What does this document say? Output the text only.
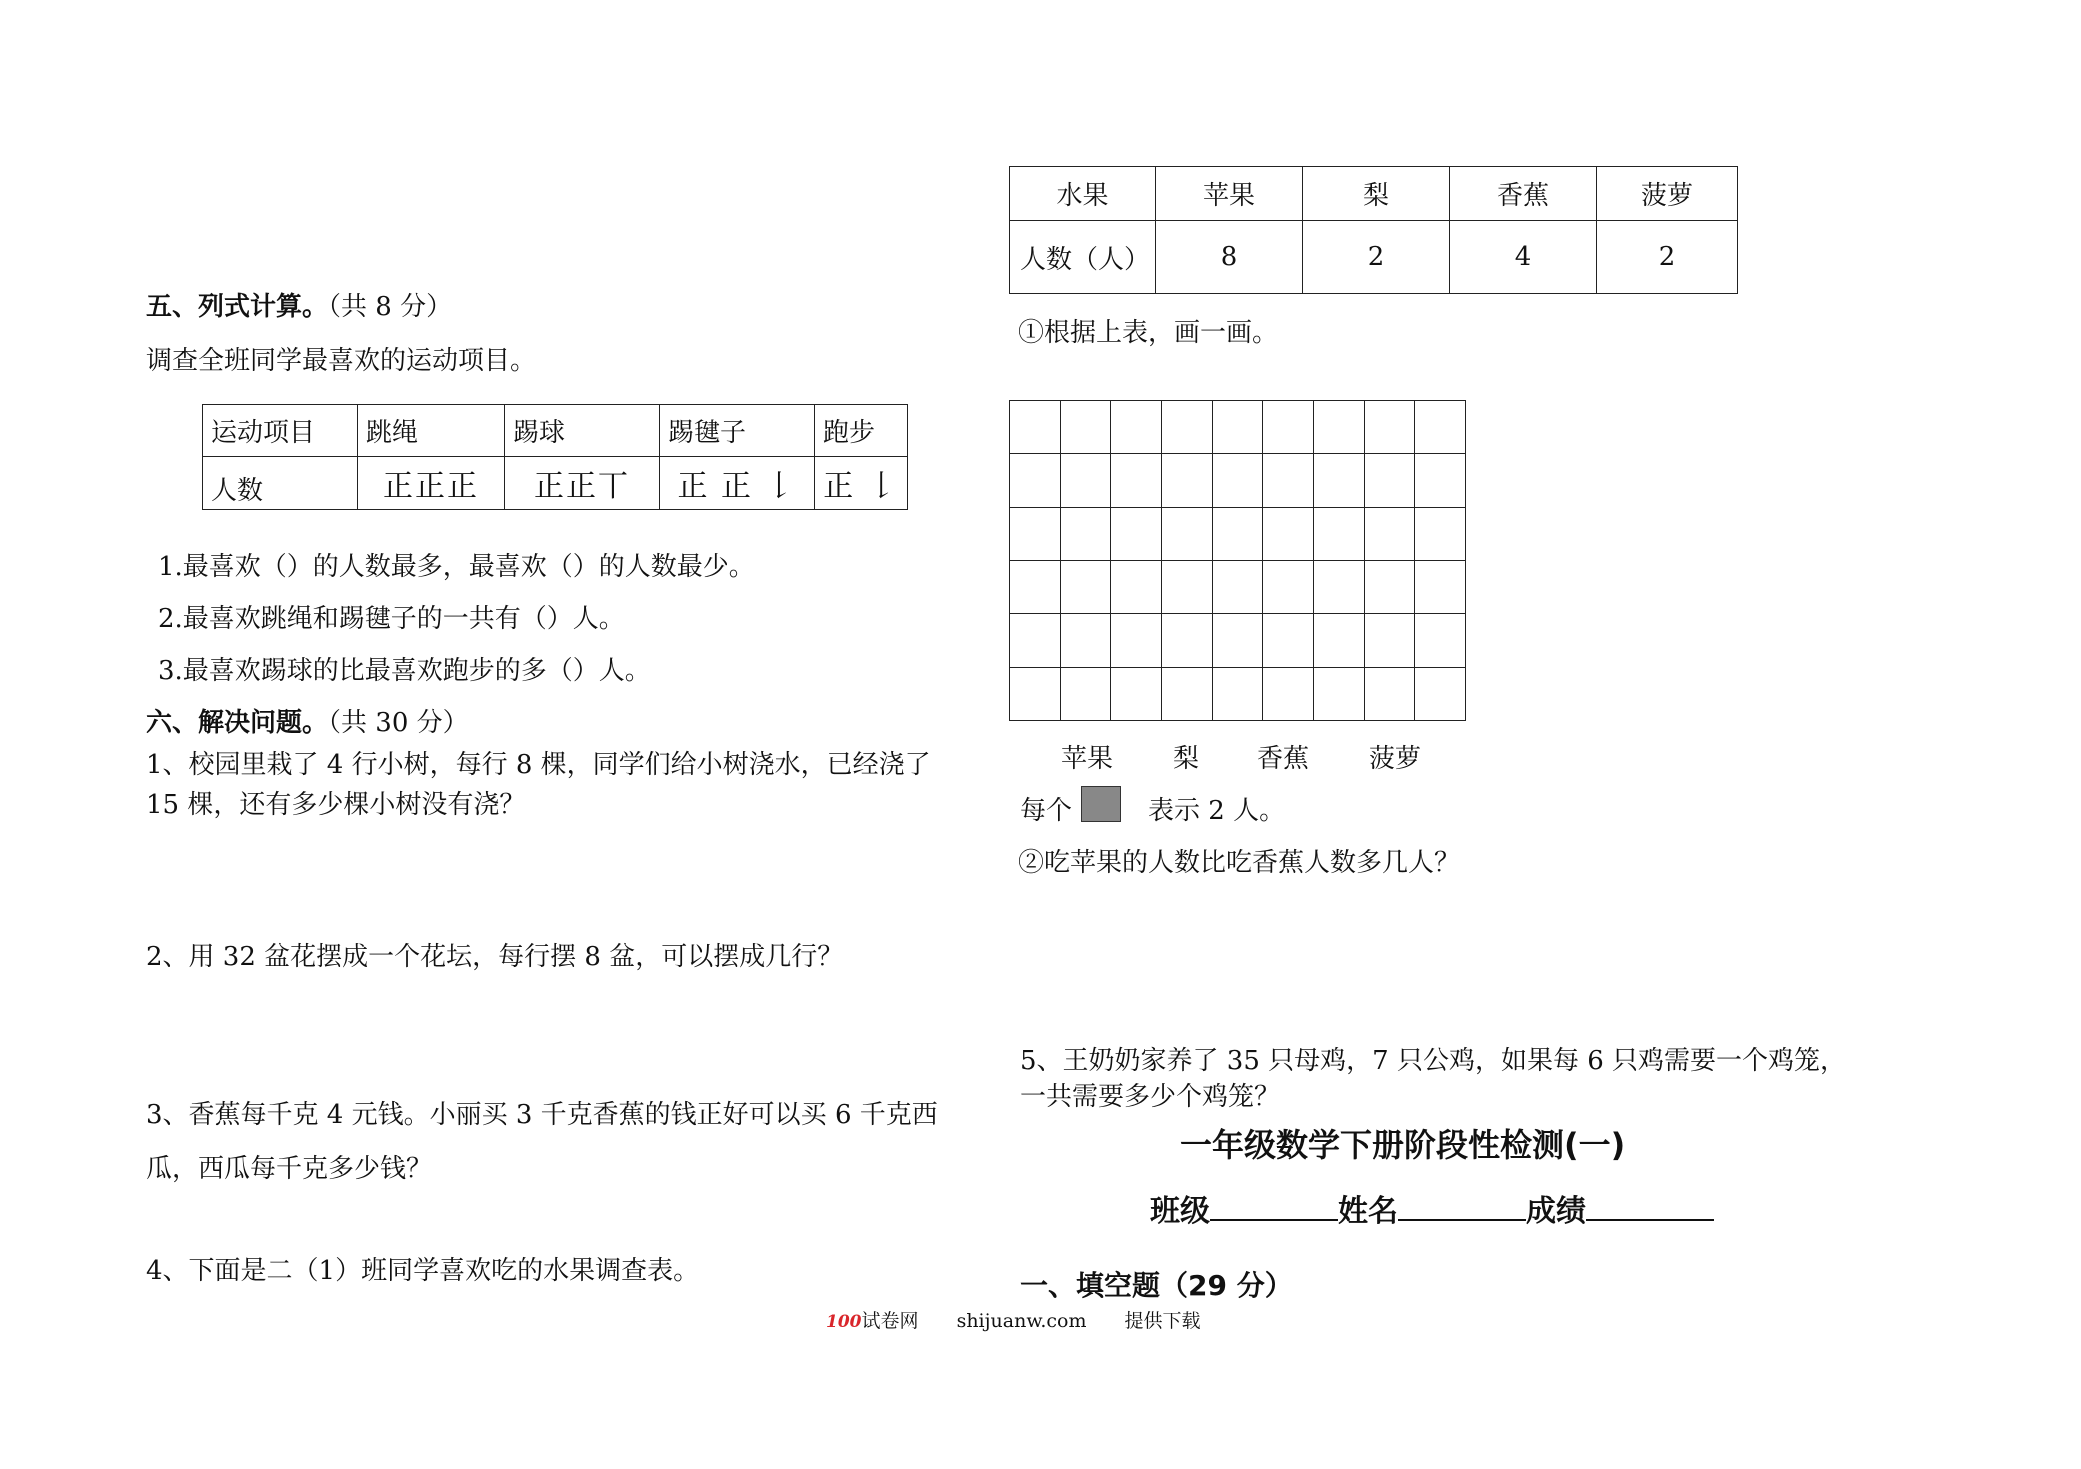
五、列式计算。（共 8 分）
调查全班同学最喜欢的运动项目。
运动项目	跳绳	踢球	踢毽子	跑步
人数	正正正	正正丅	正 正 𠄌	正 𠄌
1.最喜欢（）的人数最多，最喜欢（）的人数最少。
2.最喜欢跳绳和踢毽子的一共有（）人。
3.最喜欢踢球的比最喜欢跑步的多（）人。
六、解决问题。（共 30 分）
1、校园里栽了 4 行小树，每行 8 棵，同学们给小树浇水，已经浇了
15 棵，还有多少棵小树没有浇？
2、用 32 盆花摆成一个花坛，每行摆 8 盆，可以摆成几行？
3、香蕉每千克 4 元钱。小丽买 3 千克香蕉的钱正好可以买 6 千克西
瓜，西瓜每千克多少钱？
4、下面是二（1）班同学喜欢吃的水果调查表。
水果	苹果	梨	香蕉	菠萝
人数（人）	8	2	4	2
①根据上表，画一画。
苹果 梨 香蕉 菠萝
每个	表示 2 人。
②吃苹果的人数比吃香蕉人数多几人？
5、王奶奶家养了 35 只母鸡，7 只公鸡，如果每 6 只鸡需要一个鸡笼，
一共需要多少个鸡笼？
一年级数学下册阶段性检测(一)
班级	姓名	成绩
一、填空题（29 分）
100试卷网 shijuanw.com 提供下载
